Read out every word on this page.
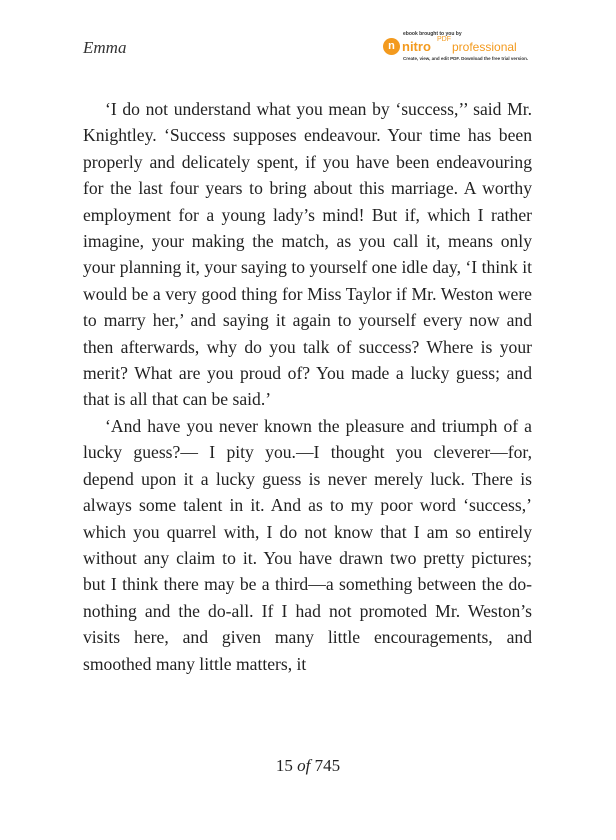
Emma
ebook brought to you by
n nitro PDF
professional
Create, view, and edit PDF. Download the free trial version.

‘I do not understand what you mean by ‘success,’’ said Mr. Knightley. ‘Success supposes endeavour. Your time has been properly and delicately spent, if you have been endeavouring for the last four years to bring about this marriage. A worthy employment for a young lady’s mind! But if, which I rather imagine, your making the match, as you call it, means only your planning it, your saying to yourself one idle day, ‘I think it would be a very good thing for Miss Taylor if Mr. Weston were to marry her,’ and saying it again to yourself every now and then afterwards, why do you talk of success? Where is your merit? What are you proud of? You made a lucky guess; and that is all that can be said.’

‘And have you never known the pleasure and triumph of a lucky guess?— I pity you.—I thought you cleverer—for, depend upon it a lucky guess is never merely luck. There is always some talent in it. And as to my poor word ‘success,’ which you quarrel with, I do not know that I am so entirely without any claim to it. You have drawn two pretty pictures; but I think there may be a third—a something between the do-nothing and the do-all. If I had not promoted Mr. Weston’s visits here, and given many little encouragements, and smoothed many little matters, it

15 of 745
